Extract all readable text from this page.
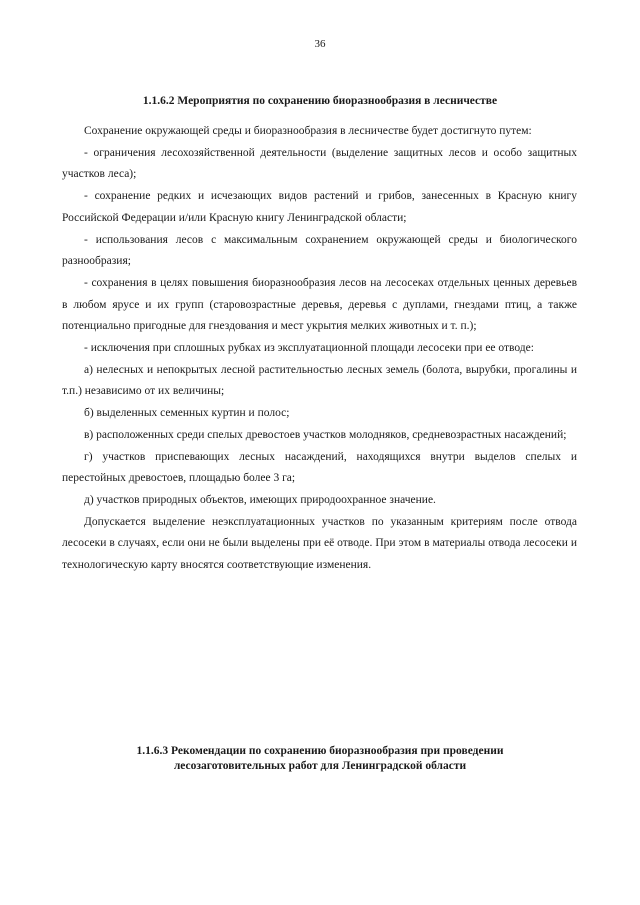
36
1.1.6.2 Мероприятия по сохранению биоразнообразия в лесничестве

Сохранение окружающей среды и биоразнообразия в лесничестве будет достигнуто путем:

- ограничения лесохозяйственной деятельности (выделение защитных лесов и особо защитных участков леса);

- сохранение редких и исчезающих видов растений и грибов, занесенных в Красную книгу Российской Федерации и/или Красную книгу Ленинградской области;

- использования лесов с максимальным сохранением окружающей среды и биологического разнообразия;

- сохранения в целях повышения биоразнообразия лесов на лесосеках отдельных ценных деревьев в любом ярусе и их групп (старовозрастные деревья, деревья с дуплами, гнездами птиц, а также потенциально пригодные для гнездования и мест укрытия мелких животных и т. п.);

- исключения при сплошных рубках из эксплуатационной площади лесосеки при ее отводе:

а) нелесных и непокрытых лесной растительностью лесных земель (болота, вырубки, прогалины и т.п.) независимо от их величины;

б) выделенных семенных куртин и полос;

в) расположенных среди спелых древостоев участков молодняков, средневозрастных насаждений;

г) участков приспевающих лесных насаждений, находящихся внутри выделов спелых и перестойных древостоев, площадью более 3 га;

д) участков природных объектов, имеющих природоохранное значение.

Допускается выделение неэксплуатационных участков по указанным критериям после отвода лесосеки в случаях, если они не были выделены при её отводе. При этом в материалы отвода лесосеки и технологическую карту вносятся соответствующие изменения.

1.1.6.3 Рекомендации по сохранению биоразнообразия при проведении
лесозаготовительных работ для Ленинградской области
